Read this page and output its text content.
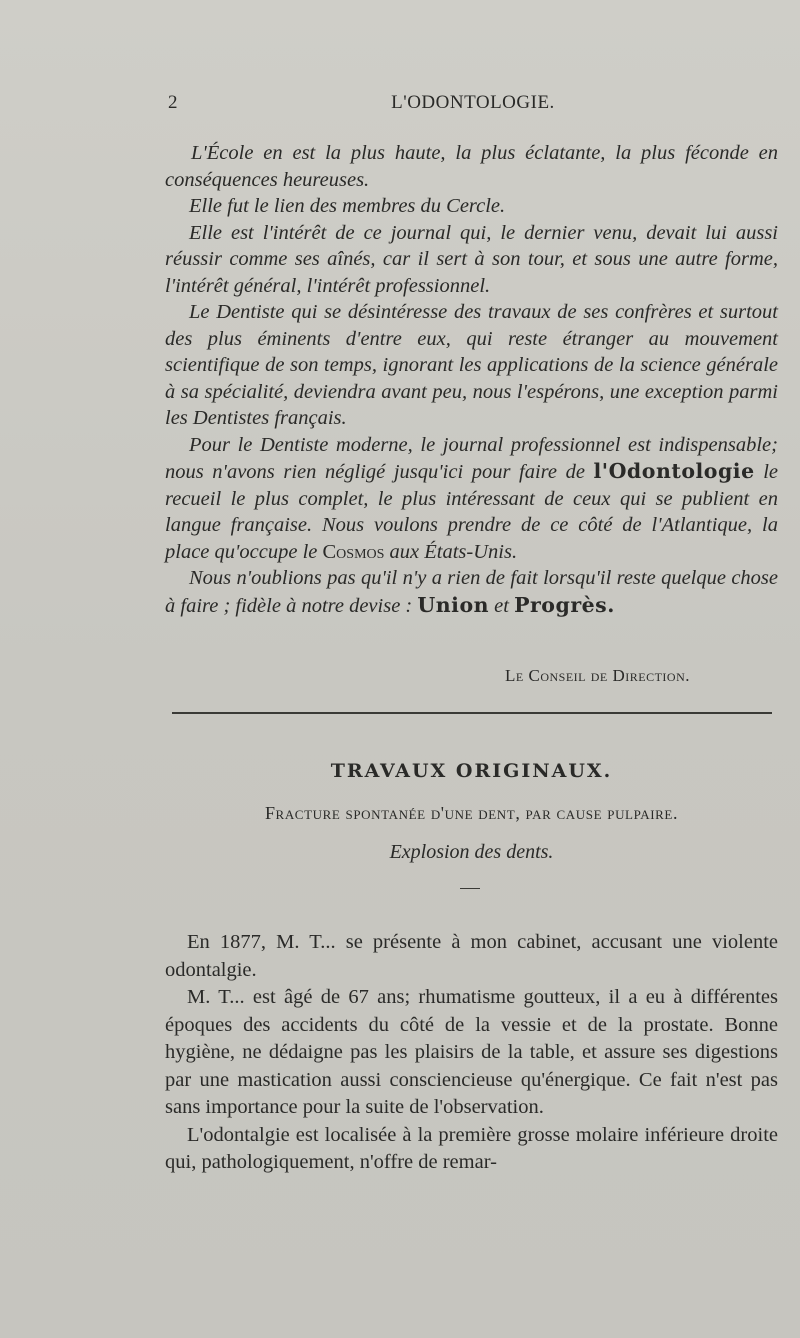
2	L'ODONTOLOGIE.

L'École en est la plus haute, la plus éclatante, la plus féconde en conséquences heureuses.

Elle fut le lien des membres du Cercle.

Elle est l'intérêt de ce journal qui, le dernier venu, devait lui aussi réussir comme ses aînés, car il sert à son tour, et sous une autre forme, l'intérêt général, l'intérêt professionnel.

Le Dentiste qui se désintéresse des travaux de ses confrères et surtout des plus éminents d'entre eux, qui reste étranger au mouvement scientifique de son temps, ignorant les applications de la science générale à sa spécialité, deviendra avant peu, nous l'espérons, une exception parmi les Dentistes français.

Pour le Dentiste moderne, le journal professionnel est indispensable; nous n'avons rien négligé jusqu'ici pour faire de l'Odontologie le recueil le plus complet, le plus intéressant de ceux qui se publient en langue française. Nous voulons prendre de ce côté de l'Atlantique, la place qu'occupe le Cosmos aux États-Unis.

Nous n'oublions pas qu'il n'y a rien de fait lorsqu'il reste quelque chose à faire ; fidèle à notre devise : Union et Progrès.

Le Conseil de Direction.
TRAVAUX ORIGINAUX.
Fracture spontanée d'une dent, par cause pulpaire.
Explosion des dents.

En 1877, M. T... se présente à mon cabinet, accusant une violente odontalgie.

M. T... est âgé de 67 ans; rhumatisme goutteux, il a eu à différentes époques des accidents du côté de la vessie et de la prostate. Bonne hygiène, ne dédaigne pas les plaisirs de la table, et assure ses digestions par une mastication aussi consciencieuse qu'énergique. Ce fait n'est pas sans importance pour la suite de l'observation.

L'odontalgie est localisée à la première grosse molaire inférieure droite qui, pathologiquement, n'offre de remar-
